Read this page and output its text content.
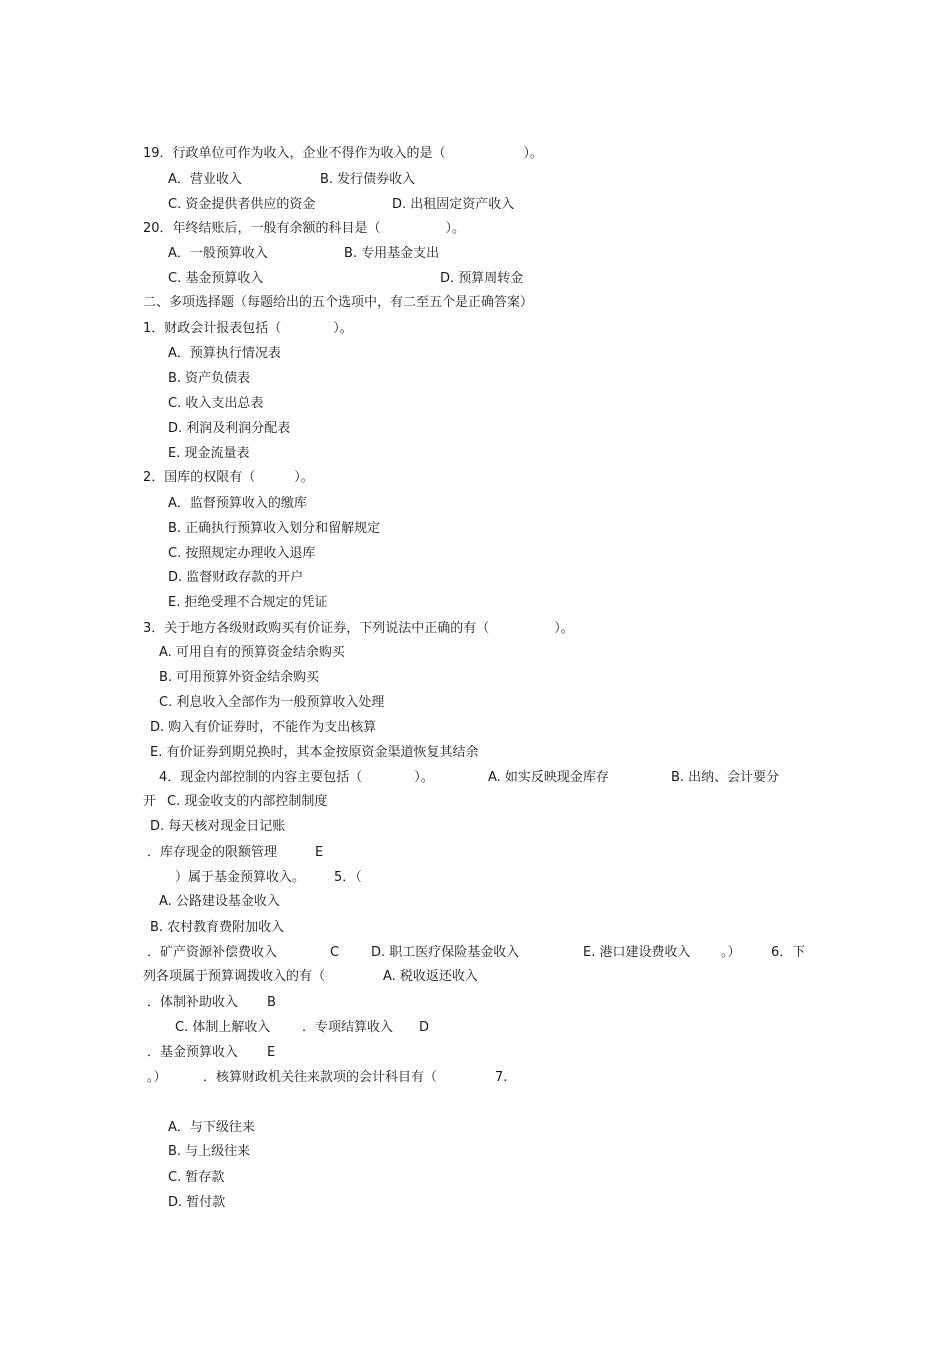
19．行政单位可作为收入，企业不得作为收入的是（　　　　　　）。
A．营业收入	B. 发行债券收入
C. 资金提供者供应的资金	D. 出租固定资产收入
20．年终结账后，一般有余额的科目是（　　　　　）。
A．一般预算收入	B. 专用基金支出
C. 基金预算收入	D. 预算周转金
二、多项选择题（每题给出的五个选项中，有二至五个是正确答案）
1．财政会计报表包括（　　　　）。
A．预算执行情况表
B. 资产负债表
C. 收入支出总表
D. 利润及利润分配表
E. 现金流量表
2．国库的权限有（　　　）。
A．监督预算收入的缴库
B. 正确执行预算收入划分和留解规定
C. 按照规定办理收入退库
D. 监督财政存款的开户
E. 拒绝受理不合规定的凭证
3．关于地方各级财政购买有价证券，下列说法中正确的有（　　　　　）。
A. 可用自有的预算资金结余购买
B. 可用预算外资金结余购买
C. 利息收入全部作为一般预算收入处理
D. 购入有价证券时，不能作为支出核算
E. 有价证券到期兑换时，其本金按原资金渠道恢复其结余
4．现金内部控制的内容主要包括（　　　　）。	A. 如实反映现金库存	B. 出纳、会计要分
开 C. 现金收支的内部控制制度
D. 每天核对现金日记账
．库存现金的限额管理	E
）属于基金预算收入。 5．（
A. 公路建设基金收入
B. 农村教育费附加收入
．矿产资源补偿费收入	C D. 职工医疗保险基金收入	E. 港口建设费收入 。） 6．下
列各项属于预算调拨收入的有（	A. 税收返还收入
．体制补助收入 B
C. 体制上解收入 ．专项结算收入 D
．基金预算收入 E
。）	．核算财政机关往来款项的会计科目有（	7.
A．与下级往来
B. 与上级往来
C. 暂存款
D. 暂付款
